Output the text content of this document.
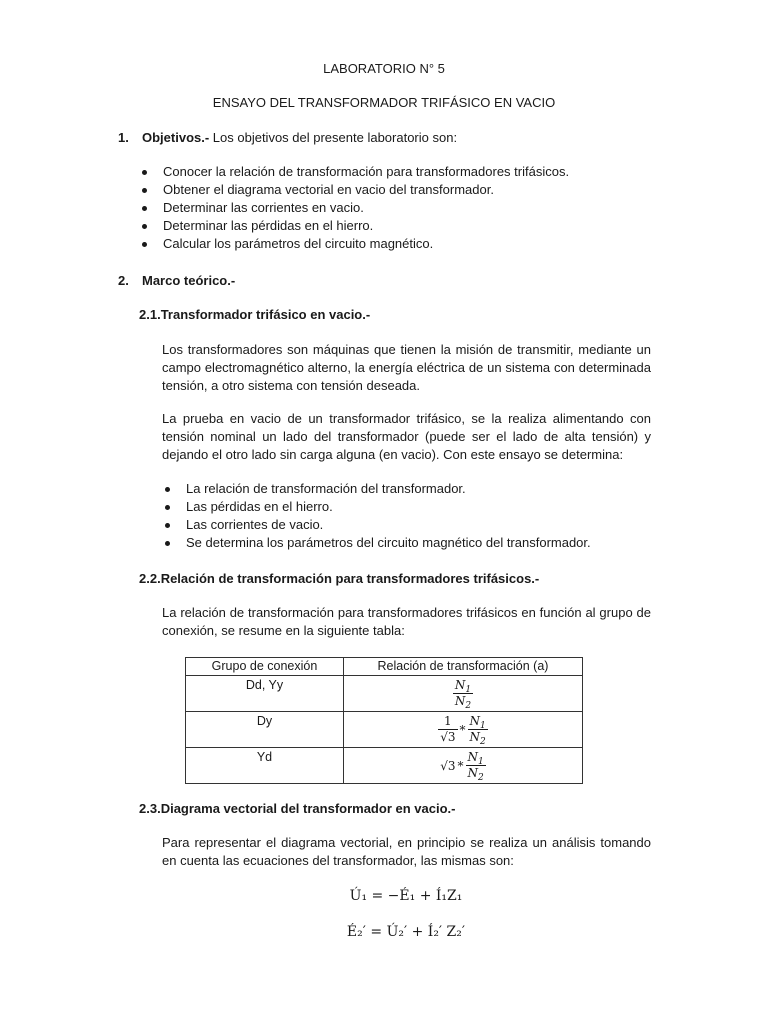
LABORATORIO N° 5
ENSAYO DEL TRANSFORMADOR TRIFÁSICO EN VACIO
1. Objetivos.- Los objetivos del presente laboratorio son:
Conocer la relación de transformación para transformadores trifásicos.
Obtener el diagrama vectorial en vacio del transformador.
Determinar las corrientes en vacio.
Determinar las pérdidas en el hierro.
Calcular los parámetros del circuito magnético.
2. Marco teórico.-
2.1.Transformador trifásico en vacio.-
Los transformadores son máquinas que tienen la misión de transmitir, mediante un campo electromagnético alterno, la energía eléctrica de un sistema con determinada tensión, a otro sistema con tensión deseada.
La prueba en vacio de un transformador trifásico, se la realiza alimentando con tensión nominal un lado del transformador (puede ser el lado de alta tensión) y dejando el otro lado sin carga alguna (en vacio). Con este ensayo se determina:
La relación de transformación del transformador.
Las pérdidas en el hierro.
Las corrientes de vacio.
Se determina los parámetros del circuito magnético del transformador.
2.2.Relación de transformación para transformadores trifásicos.-
La relación de transformación para transformadores trifásicos en función al grupo de conexión, se resume en la siguiente tabla:
Grupo de conexión	Relación de transformación (a)

Dd, Yy	$\frac{N_1}{N_2}$

Dy	$\frac{1}{√3} * \frac{N_1}{N_2}$

Yd	$√3 * \frac{N_1}{N_2}$
2.3.Diagrama vectorial del transformador en vacio.-
Para representar el diagrama vectorial, en principio se realiza un análisis tomando en cuenta las ecuaciones del transformador, las mismas son:
Ú₁ = −É₁ + Í₁Z₁
É₂′ = Ú₂′ + Í₂′ Z₂′
